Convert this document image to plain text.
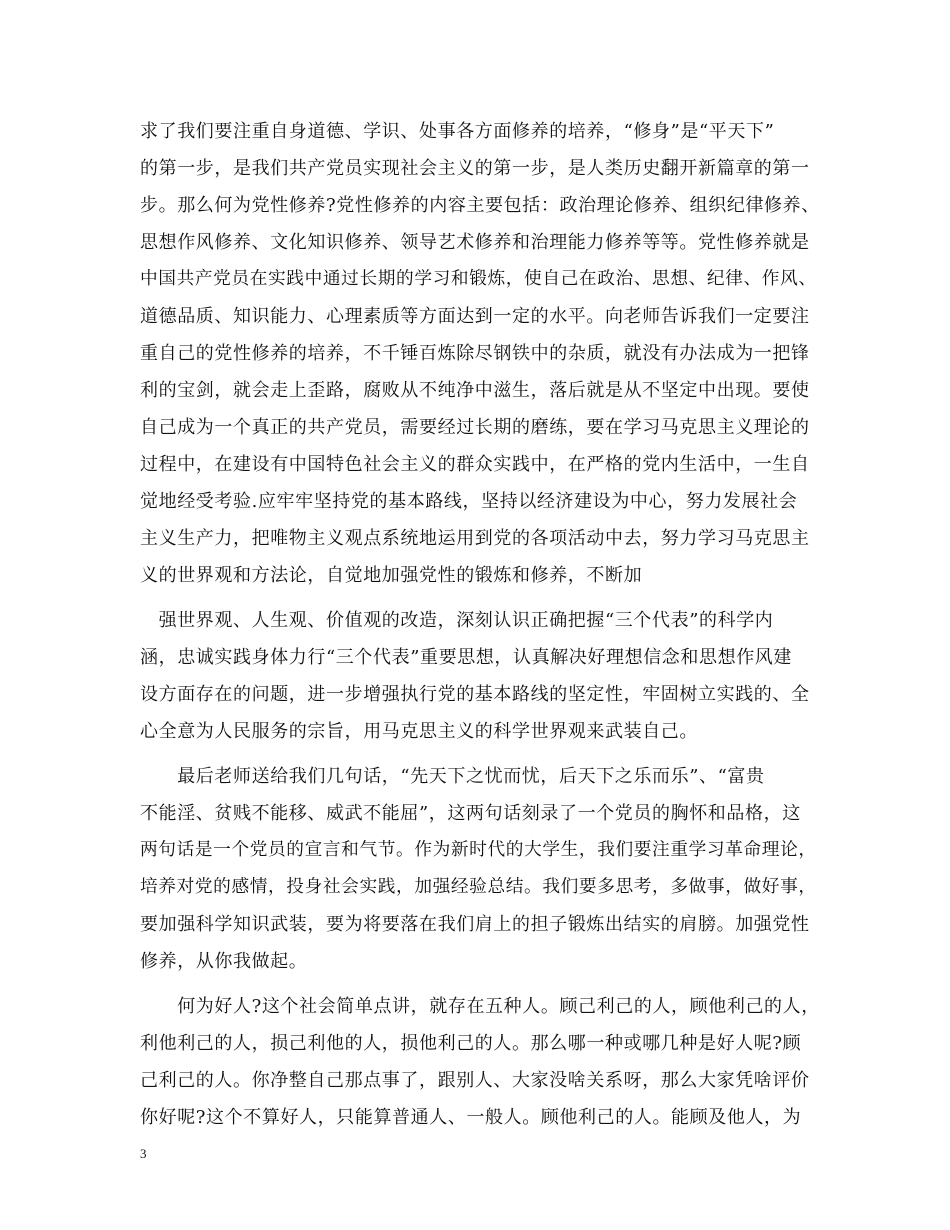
求了我们要注重自身道德、学识、处事各方面修养的培养，“修身”是“平天下”
的第一步，是我们共产党员实现社会主义的第一步，是人类历史翻开新篇章的第一
步。那么何为党性修养?党性修养的内容主要包括：政治理论修养、组织纪律修养、
思想作风修养、文化知识修养、领导艺术修养和治理能力修养等等。党性修养就是
中国共产党员在实践中通过长期的学习和锻炼，使自己在政治、思想、纪律、作风、
道德品质、知识能力、心理素质等方面达到一定的水平。向老师告诉我们一定要注
重自己的党性修养的培养，不千锤百炼除尽钢铁中的杂质，就没有办法成为一把锋
利的宝剑，就会走上歪路，腐败从不纯净中滋生，落后就是从不坚定中出现。要使
自己成为一个真正的共产党员，需要经过长期的磨练，要在学习马克思主义理论的
过程中，在建设有中国特色社会主义的群众实践中，在严格的党内生活中，一生自
觉地经受考验.应牢牢坚持党的基本路线，坚持以经济建设为中心，努力发展社会
主义生产力，把唯物主义观点系统地运用到党的各项活动中去，努力学习马克思主
义的世界观和方法论，自觉地加强党性的锻炼和修养，不断加
　强世界观、人生观、价值观的改造，深刻认识正确把握“三个代表”的科学内
涵，忠诚实践身体力行“三个代表”重要思想，认真解决好理想信念和思想作风建
设方面存在的问题，进一步增强执行党的基本路线的坚定性，牢固树立实践的、全
心全意为人民服务的宗旨，用马克思主义的科学世界观来武装自己。
　　最后老师送给我们几句话，“先天下之忧而忧，后天下之乐而乐”、“富贵
不能淫、贫贱不能移、威武不能屈”，这两句话刻录了一个党员的胸怀和品格，这
两句话是一个党员的宣言和气节。作为新时代的大学生，我们要注重学习革命理论，
培养对党的感情，投身社会实践，加强经验总结。我们要多思考，多做事，做好事，
要加强科学知识武装，要为将要落在我们肩上的担子锻炼出结实的肩膀。加强党性
修养，从你我做起。
　　何为好人?这个社会简单点讲，就存在五种人。顾己利己的人，顾他利己的人，
利他利己的人，损己利他的人，损他利己的人。那么哪一种或哪几种是好人呢?顾
己利己的人。你净整自己那点事了，跟别人、大家没啥关系呀，那么大家凭啥评价
你好呢?这个不算好人，只能算普通人、一般人。顾他利己的人。能顾及他人，为
3
